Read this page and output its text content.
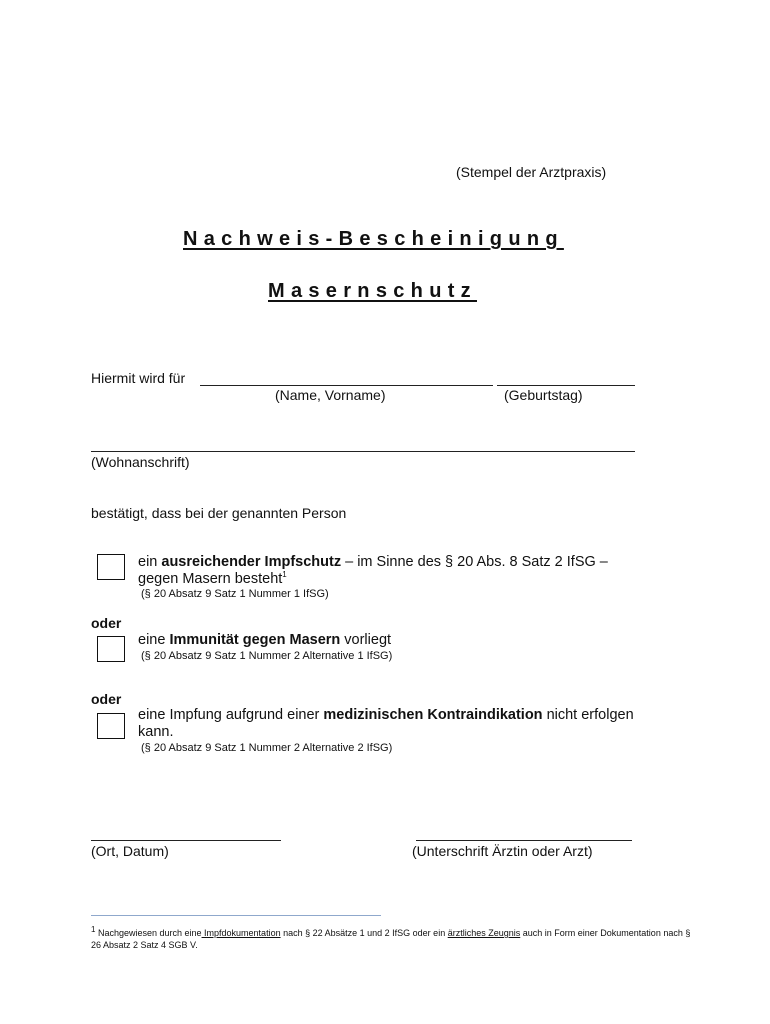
(Stempel der Arztpraxis)
Nachweis-Bescheinigung
Masernschutz
Hiermit wird für
(Name, Vorname)	(Geburtstag)
(Wohnanschrift)
bestätigt, dass bei der genannten Person
ein ausreichender Impfschutz – im Sinne des § 20 Abs. 8 Satz 2 IfSG –
gegen Masern besteht$^1$
(§ 20 Absatz 9 Satz 1 Nummer 1 IfSG)
oder
eine Immunität gegen Masern vorliegt
(§ 20 Absatz 9 Satz 1 Nummer 2 Alternative 1 IfSG)
oder
eine Impfung aufgrund einer medizinischen Kontraindikation nicht erfolgen
kann.
(§ 20 Absatz 9 Satz 1 Nummer 2 Alternative 2 IfSG)
(Ort, Datum)	(Unterschrift Ärztin oder Arzt)
$^1$ Nachgewiesen durch eine Impfdokumentation nach § 22 Absätze 1 und 2 IfSG oder ein ärztliches Zeugnis auch in Form einer Dokumentation nach § 26 Absatz 2 Satz 4 SGB V.
